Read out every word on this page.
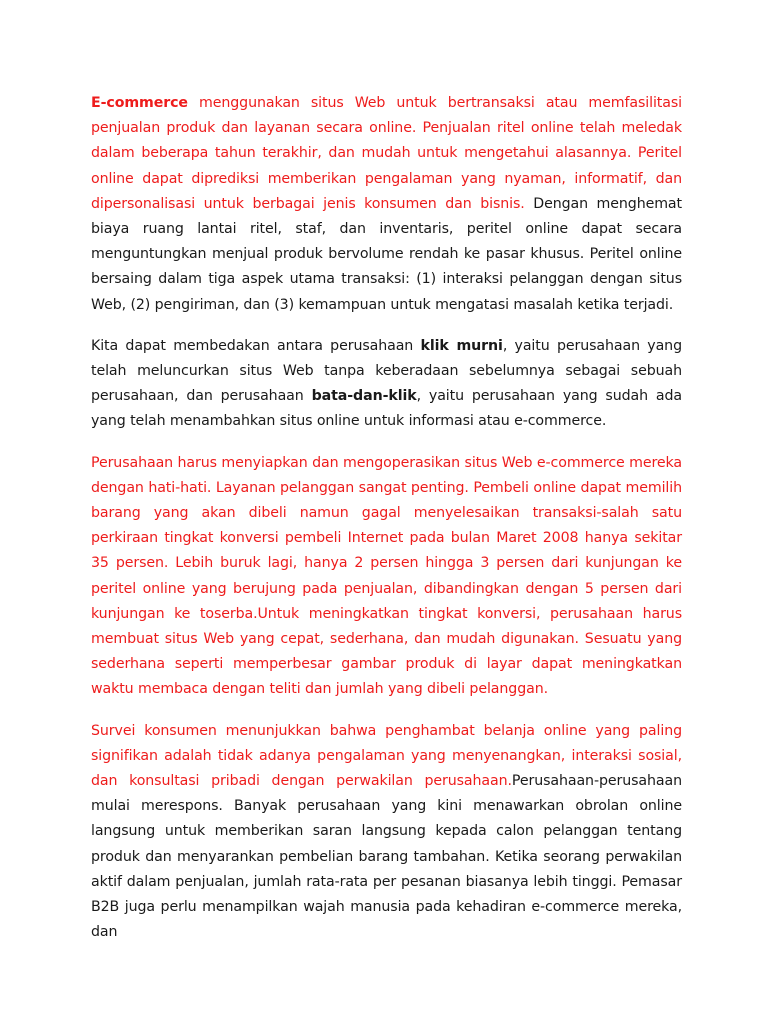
E-commerce menggunakan situs Web untuk bertransaksi atau memfasilitasi penjualan produk dan layanan secara online. Penjualan ritel online telah meledak dalam beberapa tahun terakhir, dan mudah untuk mengetahui alasannya. Peritel online dapat diprediksi memberikan pengalaman yang nyaman, informatif, dan dipersonalisasi untuk berbagai jenis konsumen dan bisnis. Dengan menghemat biaya ruang lantai ritel, staf, dan inventaris, peritel online dapat secara menguntungkan menjual produk bervolume rendah ke pasar khusus. Peritel online bersaing dalam tiga aspek utama transaksi: (1) interaksi pelanggan dengan situs Web, (2) pengiriman, dan (3) kemampuan untuk mengatasi masalah ketika terjadi.

Kita dapat membedakan antara perusahaan klik murni, yaitu perusahaan yang telah meluncurkan situs Web tanpa keberadaan sebelumnya sebagai sebuah perusahaan, dan perusahaan bata-dan-klik, yaitu perusahaan yang sudah ada yang telah menambahkan situs online untuk informasi atau e-commerce.

Perusahaan harus menyiapkan dan mengoperasikan situs Web e-commerce mereka dengan hati-hati. Layanan pelanggan sangat penting. Pembeli online dapat memilih barang yang akan dibeli namun gagal menyelesaikan transaksi-salah satu perkiraan tingkat konversi pembeli Internet pada bulan Maret 2008 hanya sekitar 35 persen. Lebih buruk lagi, hanya 2 persen hingga 3 persen dari kunjungan ke peritel online yang berujung pada penjualan, dibandingkan dengan 5 persen dari kunjungan ke toserba.Untuk meningkatkan tingkat konversi, perusahaan harus membuat situs Web yang cepat, sederhana, dan mudah digunakan. Sesuatu yang sederhana seperti memperbesar gambar produk di layar dapat meningkatkan waktu membaca dengan teliti dan jumlah yang dibeli pelanggan.

Survei konsumen menunjukkan bahwa penghambat belanja online yang paling signifikan adalah tidak adanya pengalaman yang menyenangkan, interaksi sosial, dan konsultasi pribadi dengan perwakilan perusahaan.Perusahaan-perusahaan mulai merespons. Banyak perusahaan yang kini menawarkan obrolan online langsung untuk memberikan saran langsung kepada calon pelanggan tentang produk dan menyarankan pembelian barang tambahan. Ketika seorang perwakilan aktif dalam penjualan, jumlah rata-rata per pesanan biasanya lebih tinggi. Pemasar B2B juga perlu menampilkan wajah manusia pada kehadiran e-commerce mereka, dan
